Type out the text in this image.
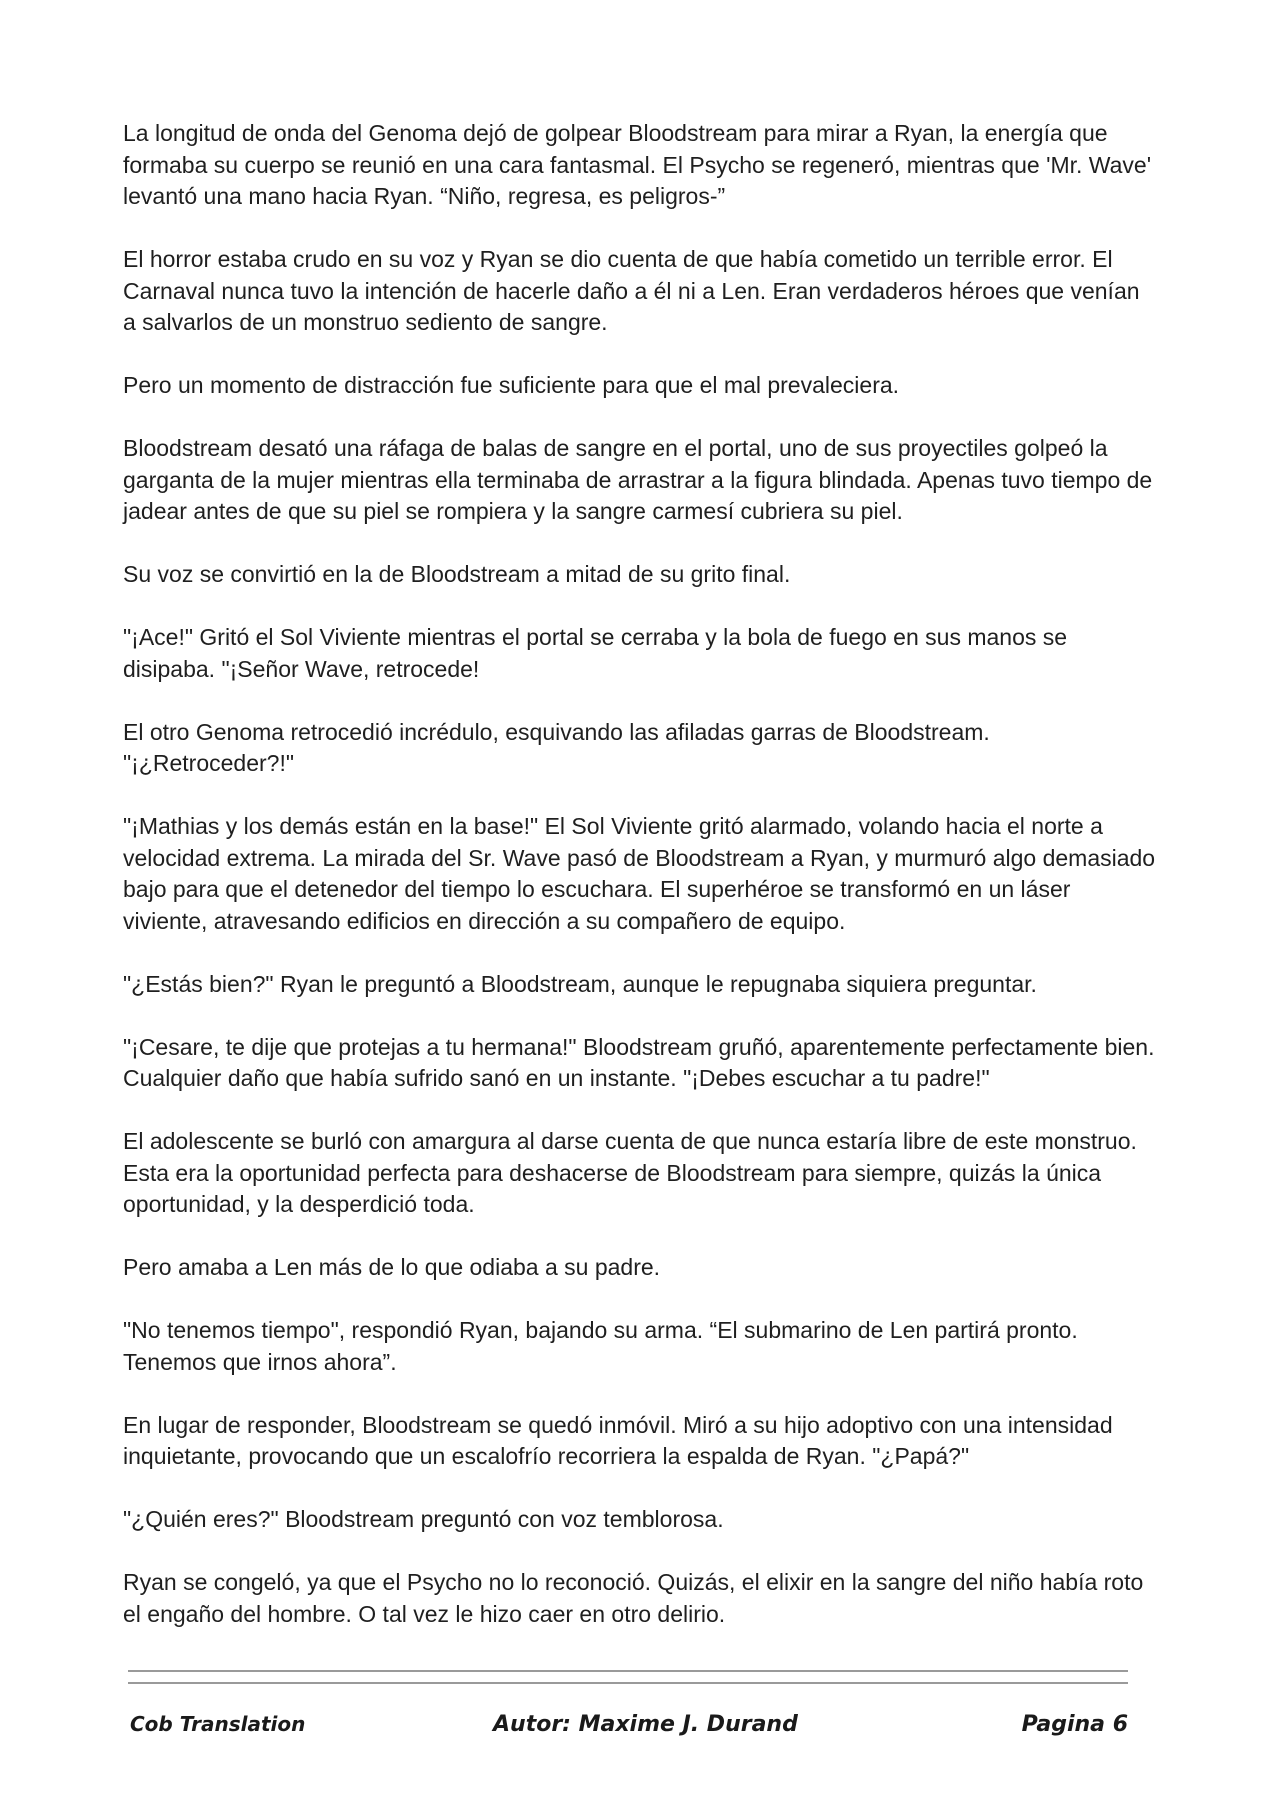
La longitud de onda del Genoma dejó de golpear Bloodstream para mirar a Ryan, la energía que formaba su cuerpo se reunió en una cara fantasmal. El Psycho se regeneró, mientras que 'Mr. Wave' levantó una mano hacia Ryan. “Niño, regresa, es peligros-”

El horror estaba crudo en su voz y Ryan se dio cuenta de que había cometido un terrible error. El Carnaval nunca tuvo la intención de hacerle daño a él ni a Len. Eran verdaderos héroes que venían a salvarlos de un monstruo sediento de sangre.

Pero un momento de distracción fue suficiente para que el mal prevaleciera.

Bloodstream desató una ráfaga de balas de sangre en el portal, uno de sus proyectiles golpeó la garganta de la mujer mientras ella terminaba de arrastrar a la figura blindada. Apenas tuvo tiempo de jadear antes de que su piel se rompiera y la sangre carmesí cubriera su piel.

Su voz se convirtió en la de Bloodstream a mitad de su grito final.

"¡Ace!" Gritó el Sol Viviente mientras el portal se cerraba y la bola de fuego en sus manos se disipaba. "¡Señor Wave, retrocede!

El otro Genoma retrocedió incrédulo, esquivando las afiladas garras de Bloodstream. "¡¿Retroceder?!"

"¡Mathias y los demás están en la base!" El Sol Viviente gritó alarmado, volando hacia el norte a velocidad extrema. La mirada del Sr. Wave pasó de Bloodstream a Ryan, y murmuró algo demasiado bajo para que el detenedor del tiempo lo escuchara. El superhéroe se transformó en un láser viviente, atravesando edificios en dirección a su compañero de equipo.

"¿Estás bien?" Ryan le preguntó a Bloodstream, aunque le repugnaba siquiera preguntar.

"¡Cesare, te dije que protejas a tu hermana!" Bloodstream gruñó, aparentemente perfectamente bien. Cualquier daño que había sufrido sanó en un instante. "¡Debes escuchar a tu padre!"

El adolescente se burló con amargura al darse cuenta de que nunca estaría libre de este monstruo. Esta era la oportunidad perfecta para deshacerse de Bloodstream para siempre, quizás la única oportunidad, y la desperdició toda.

Pero amaba a Len más de lo que odiaba a su padre.

"No tenemos tiempo", respondió Ryan, bajando su arma. “El submarino de Len partirá pronto. Tenemos que irnos ahora”.

En lugar de responder, Bloodstream se quedó inmóvil. Miró a su hijo adoptivo con una intensidad inquietante, provocando que un escalofrío recorriera la espalda de Ryan. "¿Papá?"

"¿Quién eres?" Bloodstream preguntó con voz temblorosa.

Ryan se congeló, ya que el Psycho no lo reconoció. Quizás, el elixir en la sangre del niño había roto el engaño del hombre. O tal vez le hizo caer en otro delirio.

Cob Translation	Autor: Maxime J. Durand	Pagina 6
